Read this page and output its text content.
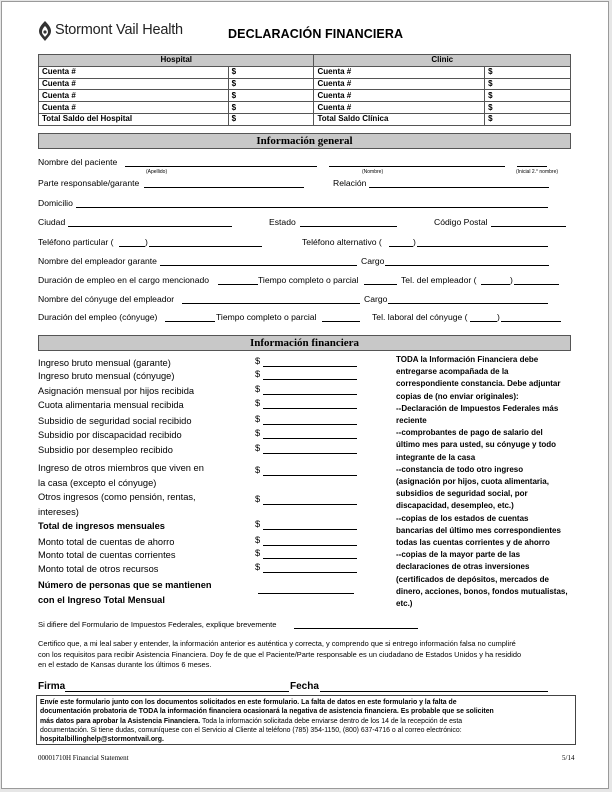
Stormont Vail Health	DECLARACIÓN FINANCIERA
Hospital		Clinic	
Cuenta #	$	Cuenta #	$
Cuenta #	$	Cuenta #	$
Cuenta #	$	Cuenta #	$
Cuenta #	$	Cuenta #	$
Total Saldo del Hospital	$	Total Saldo Clínica	$
Información general
Nombre del paciente
(Apellido)	(Nombre)	(Inicial 2.° nombre)
Parte responsable/garante	Relación
Domicilio
Ciudad	Estado	Código Postal
Teléfono particular (	)	Teléfono alternativo (	)
Nombre del empleador garante	Cargo
Duración de empleo en el cargo mencionado	Tiempo completo o parcial	Tel. del empleador (	)
Nombre del cónyuge del empleador	Cargo
Duración del empleo (cónyuge)	Tiempo completo o parcial	Tel. laboral del cónyuge (	)
Información financiera
TODA la Información Financiera debe
entregarse acompañada de la
correspondiente constancia. Debe adjuntar
copias de (no enviar originales):
--Declaración de Impuestos Federales más
reciente
--comprobantes de pago de salario del
último mes para usted, su cónyuge y todo
integrante de la casa
--constancia de todo otro ingreso
(asignación por hijos, cuota alimentaria,
subsidios de seguridad social, por
discapacidad, desempleo, etc.)
--copias de los estados de cuentas
bancarias del último mes correspondientes
todas las cuentas corrientes y de ahorro
--copias de la mayor parte de las
declaraciones de otras inversiones
(certificados de depósitos, mercados de
dinero, acciones, bonos, fondos mutualistas,
etc.)
Si difiere del Formulario de Impuestos Federales, explique brevemente
Certifico que, a mi leal saber y entender, la información anterior es auténtica y correcta, y comprendo que si entrego información falsa no cumpliré
con los requisitos para recibir Asistencia Financiera. Doy fe de que el Paciente/Parte responsable es un ciudadano de Estados Unidos y ha residido
en el estado de Kansas durante los últimos 6 meses.
Firma	Fecha
Envíe este formulario junto con los documentos solicitados en este formulario. La falta de datos en este formulario y la falta de
documentación probatoria de TODA la información financiera ocasionará la negativa de asistencia financiera. Es probable que se soliciten
más datos para aprobar la Asistencia Financiera. Toda la información solicitada debe enviarse dentro de los 14 de la recepción de esta
documentación. Si tiene dudas, comuníquese con el Servicio al Cliente al teléfono (785) 354-1150, (800) 637-4716 o al correo electrónico:
hospitalbillinghelp@stormontvail.org.
00001710H Financial Statement	5/14
Ingreso bruto mensual (garante)	$
Ingreso bruto mensual (cónyuge)	$
Asignación mensual por hijos recibida	$
Cuota alimentaria mensual recibida	$
Subsidio de seguridad social recibido	$
Subsidio por discapacidad recibido	$
Subsidio por desempleo recibido	$
Ingreso de otros miembros que viven en
la casa (excepto el cónyuge)
$
Otros ingresos (como pensión, rentas,
intereses)
$
Total de ingresos mensuales	$
Monto total de cuentas de ahorro	$
Monto total de cuentas corrientes	$
Monto total de otros recursos	$
Número de personas que se mantienen
con el Ingreso Total Mensual
